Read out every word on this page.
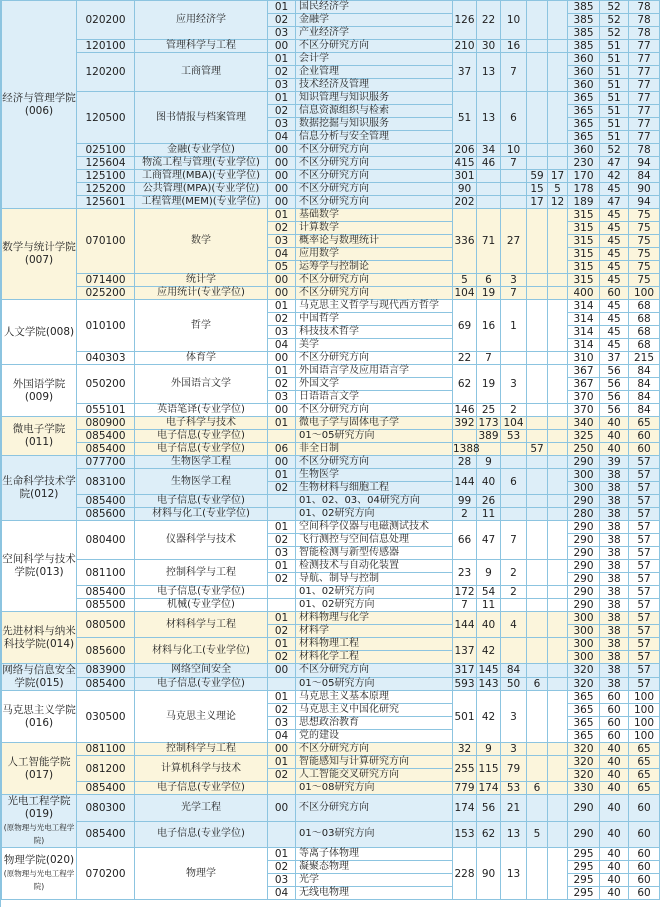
经济与管理学院(006)	020200	应用经济学	01	国民经济学	126	22	10			385	52	78
			02	金融学						385	52	78
			03	产业经济学						385	52	78
	120100	管理科学与工程	00	不区分研究方向	210	30	16			385	51	77
	120200	工商管理	01	会计学	37	13	7			360	51	77
			02	企业管理						360	51	77
			03	技术经济及管理						360	51	77
	120500	图书情报与档案管理	01	知识管理与知识服务	51	13	6			365	51	77
			02	信息资源组织与检索						365	51	77
			03	数据挖掘与知识服务						365	51	77
			04	信息分析与安全管理						365	51	77
	025100	金融(专业学位)	00	不区分研究方向	206	34	10			360	52	78
	125604	物流工程与管理(专业学位)	00	不区分研究方向	415	46	7			230	47	94
	125100	工商管理(MBA)(专业学位)	00	不区分研究方向	301			59	17	170	42	84
	125200	公共管理(MPA)(专业学位)	00	不区分研究方向	90			15	5	178	45	90
	125601	工程管理(MEM)(专业学位)	00	不区分研究方向	202			17	12	189	47	94
数学与统计学院(007)	070100	数学	01	基础数学	336	71	27			315	45	75
			02	计算数学						315	45	75
			03	概率论与数理统计						315	45	75
			04	应用数学						315	45	75
			05	运筹学与控制论						315	45	75
	071400	统计学	00	不区分研究方向	5	6	3			315	45	75
	025200	应用统计(专业学位)	00	不区分研究方向	104	19	7			400	60	100
人文学院(008)	010100	哲学	01	马克思主义哲学与现代西方哲学	69	16	1			314	45	68
			02	中国哲学						314	45	68
			03	科技技术哲学						314	45	68
			04	美学						314	45	68
	040303	体育学	00	不区分研究方向	22	7				310	37	215
外国语学院(009)	050200	外国语言文学	01	外国语言学及应用语言学	62	19	3			367	56	84
			02	外国文学						367	56	84
			03	日语语言文学						370	56	84
	055101	英语笔译(专业学位)	00	不区分研究方向	146	25	2			370	56	84
微电子学院(011)	080900	电子科学与技术	01	微电子学与固体电子学	392	173	104			340	40	65
	085400	电子信息(专业学位)		01～05研究方向		389	53			325	40	60
	085400	电子信息(专业学位)	06	非全日制	1388			57		250	40	60
生命科学技术学院(012)	077700	生物医学工程	00	不区分研究方向	28	9				290	39	57
	083100	生物医学工程	01	生物医学	144	40	6			300	38	57
			02	生物材料与细胞工程						300	38	57
	085400	电子信息(专业学位)		01、02、03、04研究方向	99	26				290	38	57
	085600	材料与化工(专业学位)		01、02研究方向	2	11				280	38	57
空间科学与技术学院(013)	080400	仪器科学与技术	01	空间科学仪器与电磁测试技术	66	47	7			290	38	57
			02	飞行测控与空间信息处理						290	38	57
			03	智能检测与新型传感器						290	38	57
	081100	控制科学与工程	01	检测技术与自动化装置	23	9	2			290	38	57
			02	导航、制导与控制						290	38	57
	085400	电子信息(专业学位)		01、02研究方向	172	54	2			290	38	57
	085500	机械(专业学位)		01、02研究方向	7	11				290	38	57
先进材料与纳米科技学院(014)	080500	材料科学与工程	01	材料物理与化学	144	40	4			300	38	57
			02	材料学						300	38	57
	085600	材料与化工(专业学位)	01	材料物理工程	137	42				300	38	57
			02	材料化学工程						300	38	57
网络与信息安全学院(015)	083900	网络空间安全	00	不区分研究方向	317	145	84			320	38	57
	085400	电子信息(专业学位)		01～05研究方向	593	143	50	6		320	38	57
马克思主义学院(016)	030500	马克思主义理论	01	马克思主义基本原理	501	42	3			365	60	100
			02	马克思主义中国化研究						365	60	100
			03	思想政治教育						365	60	100
			04	党的建设						365	60	100
人工智能学院(017)	081100	控制科学与工程	00	不区分研究方向	32	9	3			320	40	65
	081200	计算机科学与技术	01	智能感知与计算研究方向	255	115	79			320	40	65
			02	人工智能交叉研究方向						320	40	65
	085400	电子信息(专业学位)		01～08研究方向	779	174	53	6		330	40	65
光电工程学院(019)
(原物理与光电工程学院)	080300	光学工程	00	不区分研究方向	174	56	21			290	40	60
	085400	电子信息(专业学位)		01～03研究方向	153	62	13	5		290	40	60
物理学院(020)
(原物理与光电工程学院)	070200	物理学	01	等离子体物理	228	90	13			295	40	60
			02	凝聚态物理						295	40	60
			03	光学						295	40	60
			04	无线电物理						295	40	60
